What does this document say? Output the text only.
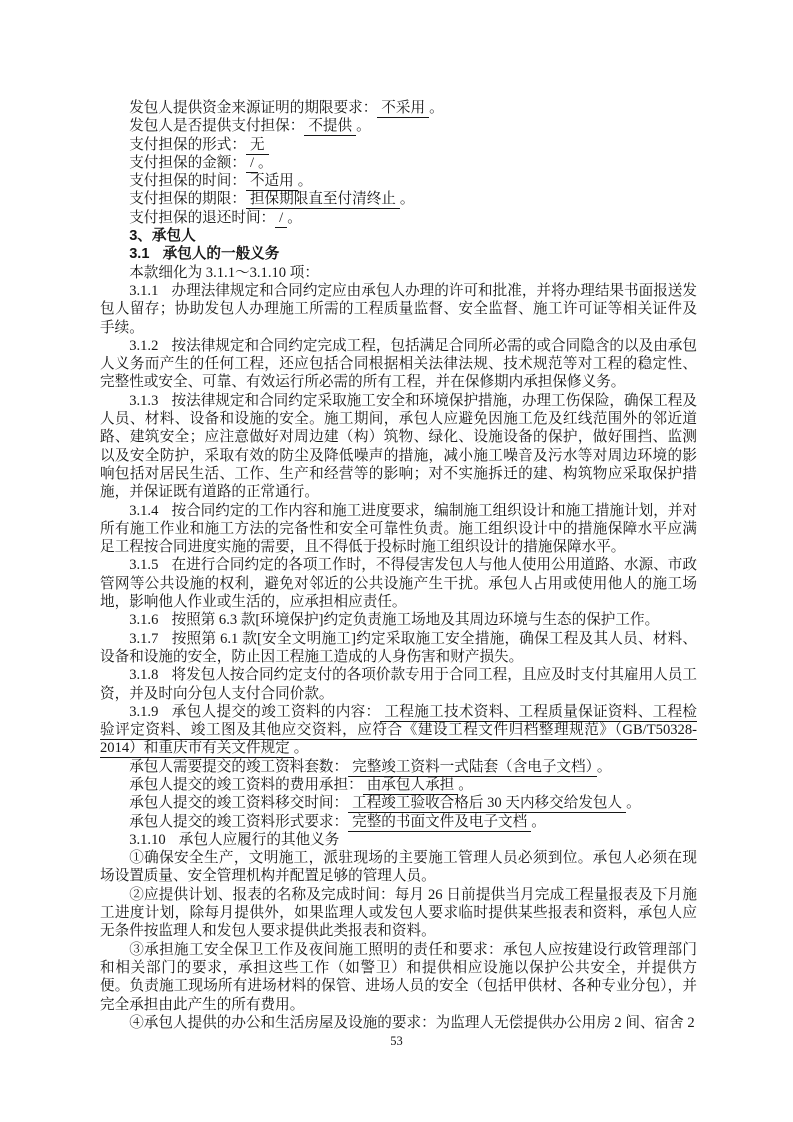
发包人提供资金来源证明的期限要求： 不采用 。

发包人是否提供支付担保： 不提供 。

支付担保的形式： 无

支付担保的金额： / 。

支付担保的时间： 不适用 。

支付担保的期限： 担保期限直至付清终止 。

支付担保的退还时间： / 。

3、承包人

3.1 承包人的一般义务

本款细化为 3.1.1～3.1.10 项：

3.1.1 办理法律规定和合同约定应由承包人办理的许可和批准，并将办理结果书面报送发包人留存；协助发包人办理施工所需的工程质量监督、安全监督、施工许可证等相关证件及手续。

3.1.2 按法律规定和合同约定完成工程，包括满足合同所必需的或合同隐含的以及由承包人义务而产生的任何工程，还应包括合同根据相关法律法规、技术规范等对工程的稳定性、完整性或安全、可靠、有效运行所必需的所有工程，并在保修期内承担保修义务。

3.1.3 按法律规定和合同约定采取施工安全和环境保护措施，办理工伤保险，确保工程及人员、材料、设备和设施的安全。施工期间，承包人应避免因施工危及红线范围外的邻近道路、建筑安全；应注意做好对周边建（构）筑物、绿化、设施设备的保护，做好围挡、监测以及安全防护，采取有效的防尘及降低噪声的措施，减小施工噪音及污水等对周边环境的影响包括对居民生活、工作、生产和经营等的影响；对不实施拆迁的建、构筑物应采取保护措施，并保证既有道路的正常通行。

3.1.4 按合同约定的工作内容和施工进度要求，编制施工组织设计和施工措施计划，并对所有施工作业和施工方法的完备性和安全可靠性负责。施工组织设计中的措施保障水平应满足工程按合同进度实施的需要，且不得低于投标时施工组织设计的措施保障水平。

3.1.5 在进行合同约定的各项工作时，不得侵害发包人与他人使用公用道路、水源、市政管网等公共设施的权利，避免对邻近的公共设施产生干扰。承包人占用或使用他人的施工场地，影响他人作业或生活的，应承担相应责任。

3.1.6 按照第 6.3 款[环境保护]约定负责施工场地及其周边环境与生态的保护工作。

3.1.7 按照第 6.1 款[安全文明施工]约定采取施工安全措施，确保工程及其人员、材料、设备和设施的安全，防止因工程施工造成的人身伤害和财产损失。

3.1.8 将发包人按合同约定支付的各项价款专用于合同工程，且应及时支付其雇用人员工资，并及时向分包人支付合同价款。

3.1.9 承包人提交的竣工资料的内容： 工程施工技术资料、工程质量保证资料、工程检验评定资料、竣工图及其他应交资料，应符合《建设工程文件归档整理规范》（GB/T50328-2014）和重庆市有关文件规定 。

承包人需要提交的竣工资料套数： 完整竣工资料一式陆套（含电子文档） 。

承包人提交的竣工资料的费用承担： 由承包人承担 。

承包人提交的竣工资料移交时间： 工程竣工验收合格后 30 天内移交给发包人 。

承包人提交的竣工资料形式要求： 完整的书面文件及电子文档 。

3.1.10 承包人应履行的其他义务

①确保安全生产，文明施工，派驻现场的主要施工管理人员必须到位。承包人必须在现场设置质量、安全管理机构并配置足够的管理人员。

②应提供计划、报表的名称及完成时间：每月 26 日前提供当月完成工程量报表及下月施工进度计划，除每月提供外，如果监理人或发包人要求临时提供某些报表和资料，承包人应无条件按监理人和发包人要求提供此类报表和资料。

③承担施工安全保卫工作及夜间施工照明的责任和要求：承包人应按建设行政管理部门和相关部门的要求，承担这些工作（如警卫）和提供相应设施以保护公共安全，并提供方便。负责施工现场所有进场材料的保管、进场人员的安全（包括甲供材、各种专业分包），并完全承担由此产生的所有费用。

④承包人提供的办公和生活房屋及设施的要求：为监理人无偿提供办公用房 2 间、宿舍 2

53
